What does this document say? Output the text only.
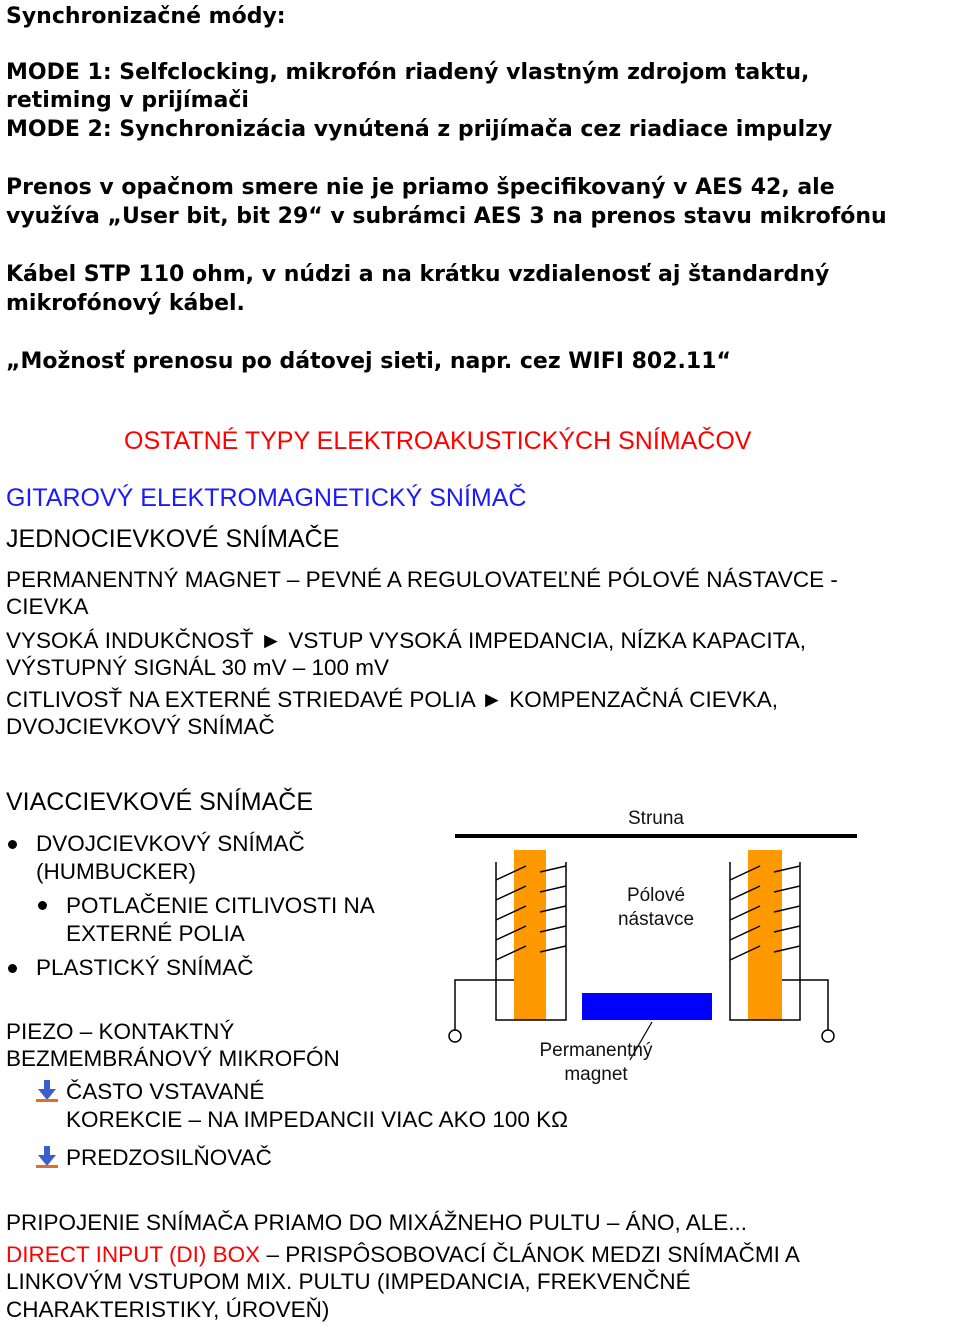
Synchronizačné módy:
MODE 1: Selfclocking, mikrofón riadený vlastným zdrojom taktu,
retiming v prijímači
MODE 2: Synchronizácia vynútená z prijímača cez riadiace impulzy
Prenos v opačnom smere nie je priamo špecifikovaný v AES 42, ale
využíva „User bit, bit 29“ v subrámci AES 3 na prenos stavu mikrofónu
Kábel STP 110 ohm, v núdzi a na krátku vzdialenosť aj štandardný
mikrofónový kábel.
„Možnosť prenosu po dátovej sieti, napr. cez WIFI 802.11“
OSTATNÉ TYPY ELEKTROAKUSTICKÝCH SNÍMAČOV
GITAROVÝ ELEKTROMAGNETICKÝ SNÍMAČ
JEDNOCIEVKOVÉ SNÍMAČE
PERMANENTNÝ MAGNET – PEVNÉ A REGULOVATEĽNÉ PÓLOVÉ NÁSTAVCE -
CIEVKA
VYSOKÁ INDUKČNOSŤ ► VSTUP VYSOKÁ IMPEDANCIA, NÍZKA KAPACITA,
VÝSTUPNÝ SIGNÁL 30 mV – 100 mV
CITLIVOSŤ NA EXTERNÉ STRIEDAVÉ POLIA ► KOMPENZAČNÁ CIEVKA,
DVOJCIEVKOVÝ SNÍMAČ
VIACCIEVKOVÉ SNÍMAČE
DVOJCIEVKOVÝ SNÍMAČ
(HUMBUCKER)
POTLAČENIE CITLIVOSTI NA
EXTERNÉ POLIA
PLASTICKÝ SNÍMAČ
Struna
Pólové
nástavce
Permanentný
magnet
PIEZO – KONTAKTNÝ
BEZMEMBRÁNOVÝ MIKROFÓN
ČASTO VSTAVANÉ
KOREKCIE – NA IMPEDANCII VIAC AKO 100 KΩ
PREDZOSILŇOVAČ
PRIPOJENIE SNÍMAČA PRIAMO DO MIXÁŽNEHO PULTU – ÁNO, ALE...
DIRECT INPUT (DI) BOX – PRISPÔSOBOVACÍ ČLÁNOK MEDZI SNÍMAČMI A
LINKOVÝM VSTUPOM MIX. PULTU (IMPEDANCIA, FREKVENČNÉ
CHARAKTERISTIKY, ÚROVEŇ)
